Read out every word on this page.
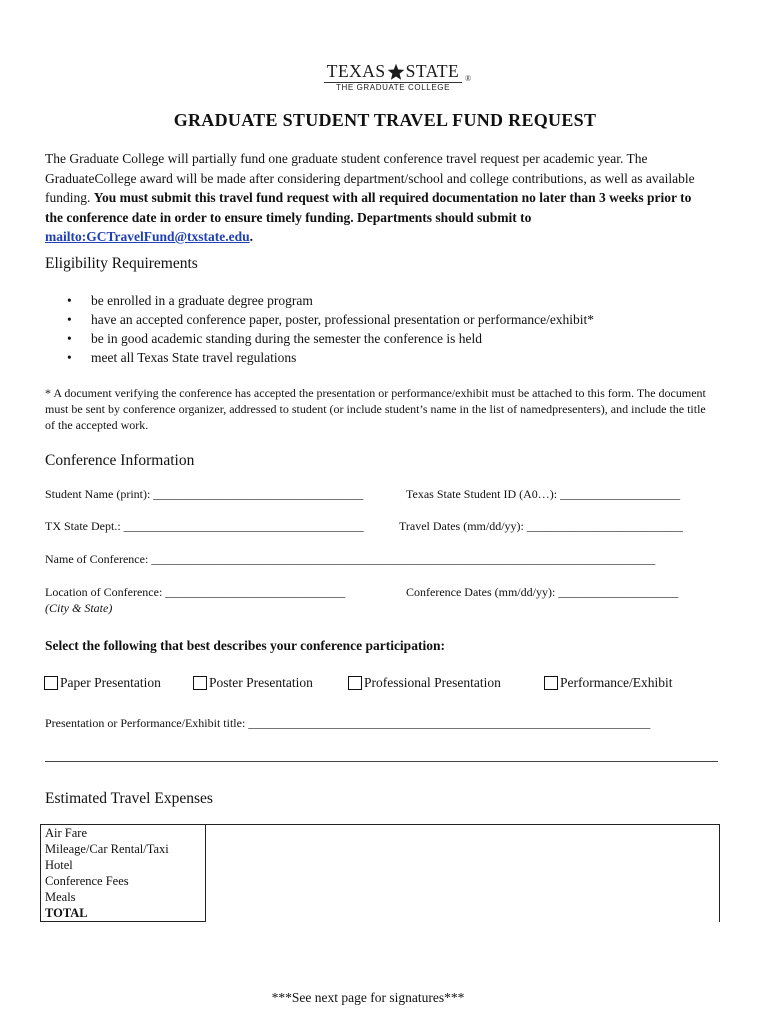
TEXAS STATE
THE GRADUATE COLLEGE
®
GRADUATE STUDENT TRAVEL FUND REQUEST
The Graduate College will partially fund one graduate student conference travel request per academic year. The GraduateCollege award will be made after considering department/school and college contributions, as well as available funding. You must submit this travel fund request with all required documentation no later than 3 weeks prior to the conference date in order to ensure timely funding. Departments should submit to mailto:GCTravelFund@txstate.edu.
Eligibility Requirements
• be enrolled in a graduate degree program
• have an accepted conference paper, poster, professional presentation or performance/exhibit*
• be in good academic standing during the semester the conference is held
• meet all Texas State travel regulations
* A document verifying the conference has accepted the presentation or performance/exhibit must be attached to this form. The document must be sent by conference organizer, addressed to student (or include student’s name in the list of namedpresenters), and include the title of the accepted work.
Conference Information
Student Name (print): ___________________________________	Texas State Student ID (A0…): ____________________
TX State Dept.: ________________________________________	Travel Dates (mm/dd/yy): __________________________
Name of Conference: ____________________________________________________________________________________
Location of Conference: ______________________________	Conference Dates (mm/dd/yy): ____________________
(City & State)
Select the following that best describes your conference participation:
Paper Presentation	Poster Presentation	Professional Presentation	Performance/Exhibit
Presentation or Performance/Exhibit title: ___________________________________________________________________
Estimated Travel Expenses
Air Fare	
Mileage/Car Rental/Taxi
Hotel
Conference Fees
Meals
TOTAL
***See next page for signatures***
